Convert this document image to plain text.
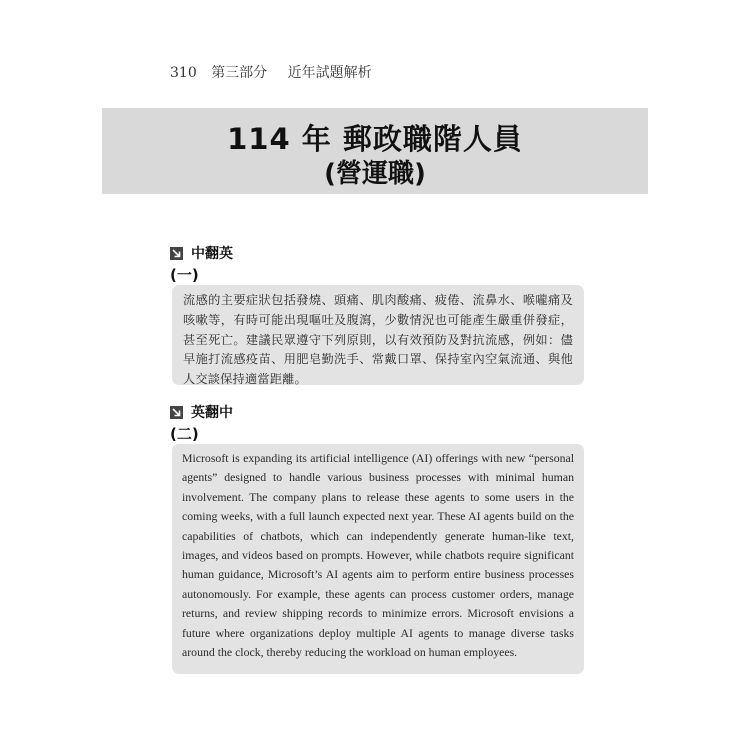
310 第三部分 近年試題解析
114 年 郵政職階人員
(營運職)
中翻英
(一)
流感的主要症狀包括發燒、頭痛、肌肉酸痛、疲倦、流鼻水、喉嚨痛及咳嗽等，有時可能出現嘔吐及腹瀉，少數情況也可能產生嚴重併發症，甚至死亡。建議民眾遵守下列原則，以有效預防及對抗流感，例如：儘早施打流感疫苗、用肥皂勤洗手、常戴口罩、保持室內空氣流通、與他人交談保持適當距離。
英翻中
(二)
Microsoft is expanding its artificial intelligence (AI) offerings with new “personal agents” designed to handle various business processes with minimal human involvement. The company plans to release these agents to some users in the coming weeks, with a full launch expected next year. These AI agents build on the capabilities of chatbots, which can independently generate human-like text, images, and videos based on prompts. However, while chatbots require significant human guidance, Microsoft’s AI agents aim to perform entire business processes autonomously. For example, these agents can process customer orders, manage returns, and review shipping records to minimize errors. Microsoft envisions a future where organizations deploy multiple AI agents to manage diverse tasks around the clock, thereby reducing the workload on human employees.
